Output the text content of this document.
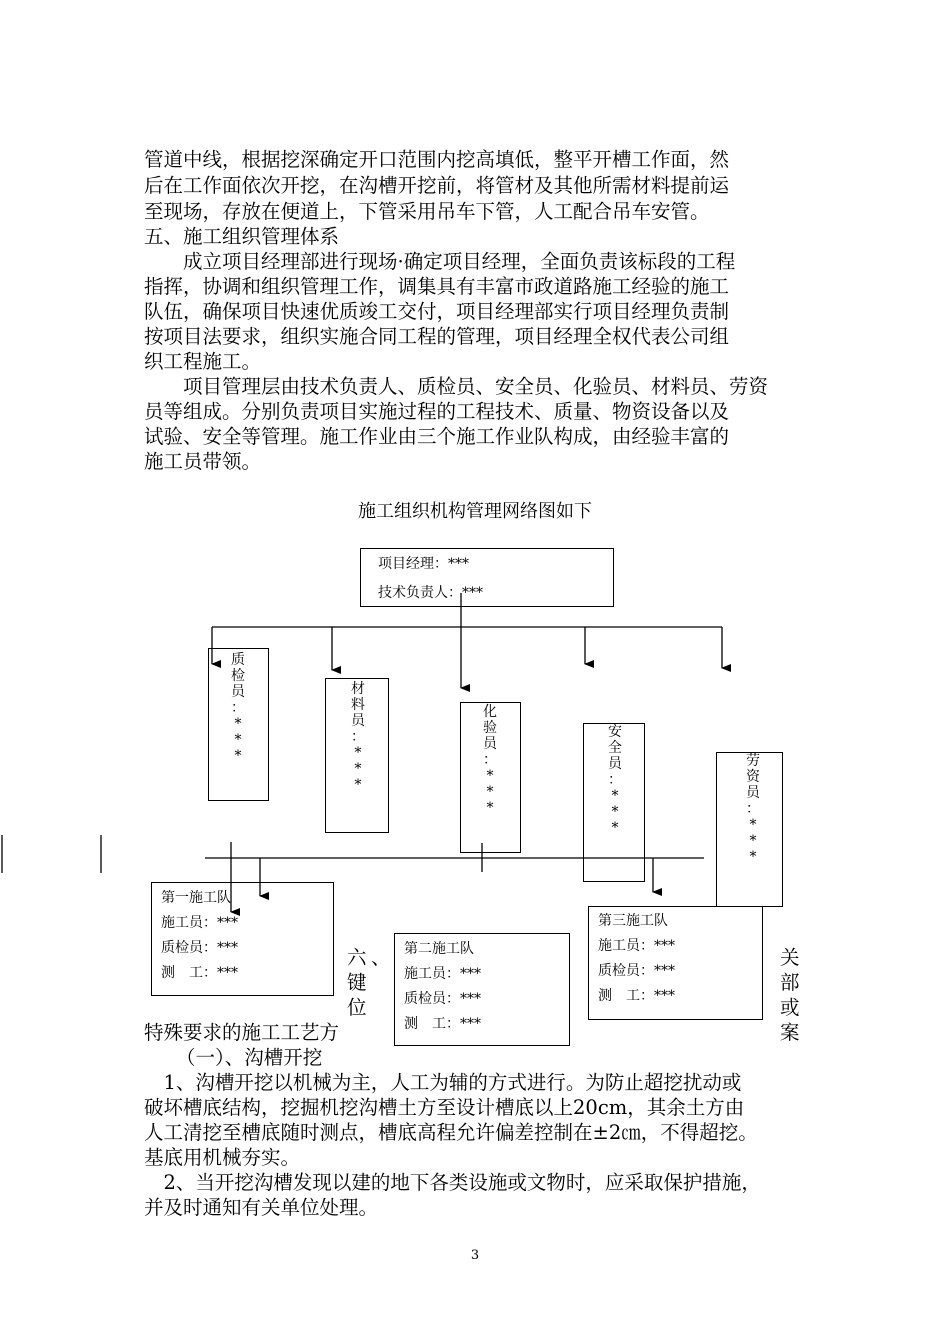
管道中线，根据挖深确定开口范围内挖高填低，整平开槽工作面，然
后在工作面依次开挖，在沟槽开挖前，将管材及其他所需材料提前运
至现场，存放在便道上，下管采用吊车下管，人工配合吊车安管。
五、施工组织管理体系
　　成立项目经理部进行现场·确定项目经理，全面负责该标段的工程
指挥，协调和组织管理工作，调集具有丰富市政道路施工经验的施工
队伍，确保项目快速优质竣工交付，项目经理部实行项目经理负责制
按项目法要求，组织实施合同工程的管理，项目经理全权代表公司组
织工程施工。
　　项目管理层由技术负责人、质检员、安全员、化验员、材料员、劳资
员等组成。分别负责项目实施过程的工程技术、质量、物资设备以及
试验、安全等管理。施工作业由三个施工作业队构成，由经验丰富的
施工员带领。
施工组织机构管理网络图如下
项目经理：***
技术负责人：***
质
检
员
：
*
*
*
材
料
员
：
*
*
*
化
验
员
：
*
*
*
安
全
员
：
*
*
*
劳
资
员
：
*
*
*
第一施工队
施工员：***
质检员：***
测　工：***
第二施工队
施工员：***
质检员：***
测　工：***
第三施工队
施工员：***
质检员：***
测　工：***
六 、
键
位
关
部
或
案
特殊要求的施工工艺方
（一）、沟槽开挖
　1、沟槽开挖以机械为主，人工为辅的方式进行。为防止超挖扰动或
破坏槽底结构，挖掘机挖沟槽土方至设计槽底以上20cm，其余土方由
人工清挖至槽底随时测点，槽底高程允许偏差控制在±2㎝，不得超挖。
基底用机械夯实。
　2、当开挖沟槽发现以建的地下各类设施或文物时，应采取保护措施，
并及时通知有关单位处理。
3
